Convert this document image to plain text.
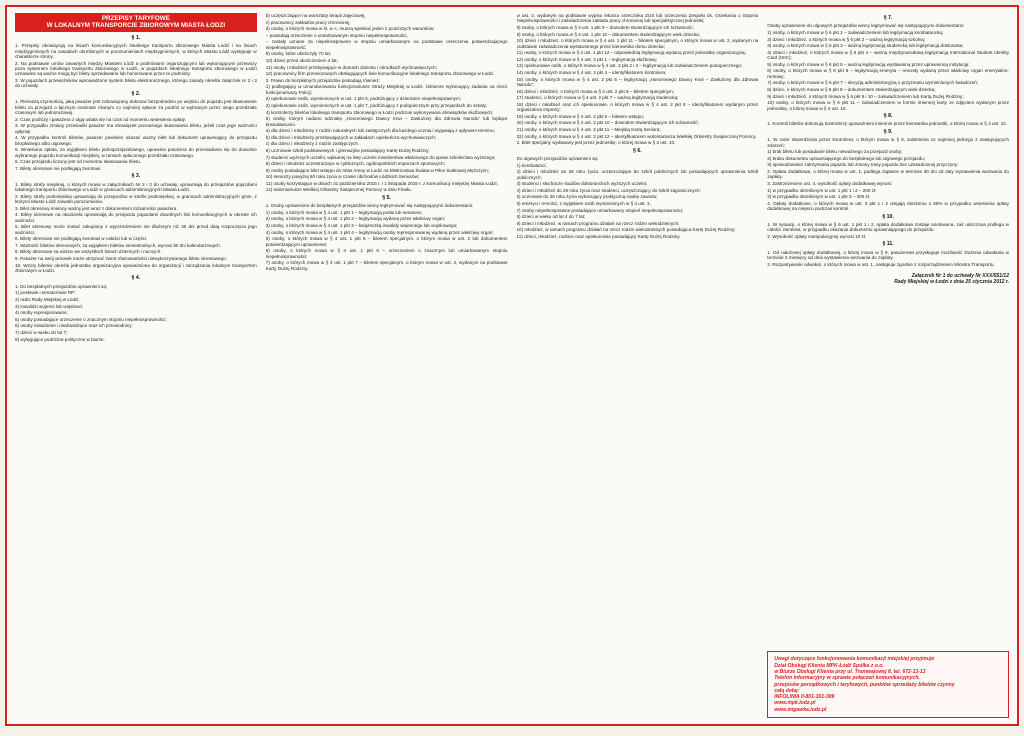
PRZEPISY TARYFOWE
W LOKALNYM TRANSPORCIE ZBIOROWYM MIASTA ŁODZI
§ 1.
1. Przepisy obowiązują na liniach komunikacyjnych lokalnego transportu zbiorowego Miasta Łodzi i na liniach międzygminnych na zasadach określonych w porozumieniach międzygminnych, w których Miasto Łódź występuje w charakterze strony.
2. Na podstawie umów zawartych między Miastem Łódź a podmiotami organizującymi lub wykonującymi przewozy poza systemem lokalnego transportu zbiorowego w Łodzi, w pojazdach lokalnego transportu zbiorowego w Łodzi uznawane są ważne mogą być bilety sprzedawane lub honorowane przez te podmioty.
3. W pojazdach przewoźników wprowadzono system biletu elektronicznego, którego zasady określa załącznik nr 2 i 3 do uchwały.
§ 2.
1. Pierwszą czynnością, jaką pasażer jest zobowiązany dokonać bezpośrednio po wejściu do pojazdu jest skasowanie biletu za przejazd o łącznym nominale równym co najmniej opłacie za podróż w wybranym przez niego przedziale czasowym lub jednorazowej.
2. Czas podróży i pasażera z ulgą ustala się na czas od momentu wniesienia opłaty.
3. W przypadku zmiany przesiadki pasażer ma obowiązek ponownego skasowania biletu, jeżeli czas jego ważności upłynął.
4. W przypadku kontroli biletów, pasażer powinien okazać ważny bilet lub dokument uprawniający do przejazdu bezpłatnego albo ulgowego.
5. Wniesiona opłata, za wyjątkiem biletu jednoprzejazdowego, uprawnia pasażera do przesiadania się do dowolnie wybranego pojazdu komunikacji miejskiej, w ramach opłaconego przedziału czasowego.
6. Czas przejazdu liczony jest od momentu skasowania biletu.
7. Bilety okresowe nie podlegają zwrotowi.
§ 3.
1. Bilety strefy miejskiej, o których mowa w załącznikach Nr 2 i 3 do uchwały, uprawniają do przejazdów pojazdami lokalnego transportu zbiorowego w Łodzi w granicach administracyjnych Miasta Łodzi.
2. Bilety strefy podmiejskiej uprawniają do przejazdów w strefie podmiejskiej, w granicach administracyjnych gmin, z którymi Miasto Łódź zawarło porozumienia.
3. Bilet okresowy imienny ważny jest wraz z dokumentem tożsamości pasażera.
4. Bilety okresowe na okaziciela uprawniają do przejazdu pojazdami dowolnych linii komunikacyjnych w okresie ich ważności.
5. Bilet okresowy może zostać zakupiony z wyprzedzeniem nie dłuższym niż 30 dni przed datą rozpoczęcia jego ważności.
6. Bilety okresowe nie podlegają zwrotowi w całości lub w części.
7. Ważność biletów okresowych, za wyjątkiem biletów semestralnych, wynosi 30 dni kalendarzowych.
8. Bilety okresowe są ważne we wszystkich liniach dziennych i nocnych.
9. Pasażer na swój wniosek może otrzymać zwrot równowartości niewykorzystanego biletu okresowego.
10. Wzory biletów określa jednostka organizacyjna upoważniona do organizacji i zarządzania lokalnym transportem zbiorowym w Łodzi.
§ 4.
1. Do bezpłatnych przejazdów uprawnieni są:
1) posłowie i senatorowie RP;
2) radni Rady Miejskiej w Łodzi;
3) inwalidzi wojenni lub wojskowi;
4) osoby represjonowane;
5) osoby posiadające orzeczenie o znacznym stopniu niepełnosprawności;
6) osoby niewidome i niedowidzące oraz ich przewodnicy;
7) dzieci w wieku do lat 7;
8) wylęgujące podróżne polityczne w biurze.
b) uczęszczające na warsztaty terapii zajęciowej,
c) pracownicy zakładów pracy chronionej,
d) osoby, o których mowa w lit. a–c, muszą spełniać jeden z poniższych warunków:
– posiadają orzeczenie o umiarkowanym stopniu niepełnosprawności,
– zostały uznane za niepełnosprawne w stopniu umiarkowanym na podstawie orzeczenia potwierdzającego niepełnosprawność;
9) osoby, które ukończyły 70 lat;
10) dzieci przed ukończeniem 4 lat;
11) osoby i młodzież przebywające w domach dziecka i ośrodkach wychowawczych;
12) pracownicy firm przewozowych obsługujących linie komunikacyjne lokalnego transportu zbiorowego w Łodzi.
2. Prawo do bezpłatnych przejazdów posiadają również:
1) podlegający w umundurowaniu funkcjonariusze Straży Miejskiej w Łodzi, żołnierze wykonujący zadania na rzecz funkcjonariuszy Policji;
2) opiekunowie osób, wymienionych w ust. 1 pkt 5, podróżujący z dzieckiem niepełnosprawnym;
3) opiekunowie osób, wymienionych w ust. 1 pkt 7, podróżujący z podopiecznym przy przejazdach do szkoły;
4) kontrolerzy biletów lokalnego transportu zbiorowego w Łodzi podczas wykonywania obowiązków służbowych;
5) osoby, którym nadano odznakę „Honorowego Dawcy Krwi – Zasłużony dla Zdrowia Narodu” lub będące krwiodawcami.
a) dla dzieci i młodzieży z rodzin naturalnych lub zastępczych dla każdego ucznia i wygasają z upływem terminu;
b) dla dzieci i młodzieży przebywających w zakładach opiekuńczo-wychowawczych;
c) dla dzieci i młodzieży z rodzin zastępczych.
6) uczniowie szkół podstawowych i gimnazjów posiadający Kartę Dużej Rodziny;
7) studenci wyższych uczelni, wpisanej na listę uczelni ministerstwa właściwego do spraw szkolnictwa wyższego;
8) dzieci i młodzież uczestniczące w cyklicznych, ogólnopolskich imprezach sportowych;
9) osoby posiadające bilet wstępu do Atlas Areny w Łodzi na Mistrzostwa Świata w Piłce Siatkowej Mężczyzn;
10) seniorzy powyżej 60 roku życia w czasie obchodów Łódzkich Seniorów;
11) osoby korzystające w dniach 31 października 2015 r. i 1 listopada 2015 r. z komunikacji miejskiej Miasta Łodzi;
12) wolontariusze Wielkiej Orkiestry Świątecznej Pomocy w dniu Finału.
§ 5.
1. Osoby uprawnione do bezpłatnych przejazdów winny legitymować się następującymi dokumentami:
1) osoby, o których mowa w § 4 ust. 1 pkt 1 – legitymacją posła lub senatora;
2) osoby, o których mowa w § 4 ust. 1 pkt 2 – legitymacją wydaną przez właściwy organ;
3) osoby, o których mowa w § 4 ust. 1 pkt 3 – książeczką inwalidy wojennego lub wojskowego;
4) osoby, o których mowa w § 4 ust. 1 pkt 4 – legitymacją osoby represjonowanej wydaną przez właściwy organ;
5) osoby, o których mowa w § 4 ust. 1 pkt 5 – biletem specjalnym, o którym mowa w ust. 2 lub dokumentem potwierdzającym uprawnienie;
6) osoby, o których mowa w § 4 ust. 1 pkt 6 – orzeczeniem o znacznym lub umiarkowanym stopniu niepełnosprawności;
7) osoby, o których mowa w § 4 ust. 1 pkt 7 – biletem specjalnym, o którym mowa w ust. 2, wydanym na podstawie Karty Dużej Rodziny.
w ust. 2, wydanym na podstawie wypisu lekarza orzecznika ZUS lub orzeczenia Zespołu ds. Orzekania o Stopniu Niepełnosprawności i zaświadczenia zakładu pracy chronionej lub specjalistycznej jednostki;
8) osoby, o których mowa w § 4 ust. 1 pkt 9 – dowodem stwierdzającym ich tożsamość;
9) osoby, o których mowa w § 4 ust. 1 pkt 10 – dokumentem stwierdzającym wiek dziecka;
10) dzieci i młodzież, o których mowa w § 4 ust. 1 pkt 11 – biletem specjalnym, o którym mowa w ust. 2, wydanym na podstawie zaświadczenia wystawionego przez kierownika domu dziecka;
11) osoby, o których mowa w § 4 ust. 1 pkt 12 – odpowiednią legitymacją wydaną przez jednostkę organizacyjną;
12) osoby, o których mowa w § 4 ust. 2 pkt 1 – legitymacją służbową;
13) opiekunowie osób, o których mowa w § 4 ust. 2 pkt 2 i 3 – legitymacją lub zaświadczeniem podopiecznego;
14) osoby, o których mowa w § 4 ust. 2 pkt 4 – identyfikatorem kontrolera;
15) osoby, o których mowa w § 4 ust. 2 pkt 5 – legitymacją „Honorowego Dawcy Krwi – Zasłużony dla Zdrowia Narodu”;
16) dzieci i młodzież, o których mowa w § 4 ust. 2 pkt 6 – biletem specjalnym;
17) studenci, o których mowa w § 4 ust. 2 pkt 7 – ważną legitymacją studencką;
18) dzieci i młodzież oraz ich opiekunowie, o których mowa w § 4 ust. 2 pkt 8 – identyfikatorem wydanym przez organizatora imprezy;
19) osoby, o których mowa w § 4 ust. 2 pkt 9 – biletem wstępu;
20) osoby, o których mowa w § 4 ust. 2 pkt 10 – dowodem stwierdzającym ich tożsamość;
21) osoby, o których mowa w § 4 ust. 2 pkt 11 – Miejską Kartą Seniora;
22) osoby, o których mowa w § 4 ust. 2 pkt 12 – identyfikatorem wolontariusza Wielkiej Orkiestry Świątecznej Pomocy.
2. Bilet specjalny wydawany jest przez jednostkę, o której mowa w § 3 ust. 10.
§ 6.
Do ulgowych przejazdów uprawnieni są:
1) kombatanci;
2) dzieci i młodzież do 26 roku życia, uczęszczające do szkół publicznych lub posiadających uprawnienia szkół publicznych;
3) studenci i słuchacze studiów doktoranckich wyższych uczelni;
4) dzieci i młodzież do 26 roku życia oraz studenci, uczęszczający do szkół zagranicznych;
5) uczniowie do 26 roku życia wykonujący praktyczną naukę zawodu;
6) emeryci i renciści, z wyjątkiem osób wymienionych w § 4 ust. 1;
7) osoby niepełnosprawne posiadające umiarkowany stopień niepełnosprawności;
8) dzieci w wieku od lat 4 do 7 lat;
9) dzieci i młodzież, w ramach programu działań na rzecz rodzin wielodzietnych;
10) młodzież, w ramach programu działań na rzecz rodzin wielodzietnych posiadająca Kartę Dużej Rodziny;
11) dzieci, młodzież, rodzice oraz opiekunowie posiadający Kartę Dużej Rodziny.
§ 7.
Osoby uprawnione do ulgowych przejazdów winny legitymować się następującymi dokumentami:
1) osoby, o których mowa w § 6 pkt 1 – zaświadczeniem lub legitymacją kombatancką;
2) dzieci i młodzież, o których mowa w § 6 pkt 2 – ważną legitymacją szkolną;
3) osoby, o których mowa w § 6 pkt 3 – ważną legitymacją studencką lub legitymacją doktoranta;
4) dzieci i młodzież, o których mowa w § 6 pkt 4 – ważną międzynarodową legitymacją International Student Identity Card (ISIC);
5) osoby, o których mowa w § 6 pkt 5 – ważną legitymacją wystawioną przez uprawnioną instytucję;
6) osoby, o których mowa w § 6 pkt 6 – legitymacją emeryta – rencisty wydaną przez właściwy organ emerytalno-rentowy;
7) osoby, o których mowa w § 6 pkt 7 – decyzją administracyjną o przyznaniu wymienionych świadczeń;
8) dzieci, o których mowa w § 6 pkt 8 – dokumentem stwierdzającym wiek dziecka;
9) dzieci i młodzież, o których mowa w § 6 pkt 9 i 10 – zaświadczeniem lub Kartą Dużej Rodziny;
10) osoby, o których mowa w § 6 pkt 11 – zaświadczeniem w formie imiennej karty ze zdjęciem wydanym przez jednostkę, o której mowa w § 3 ust. 10.
§ 8.
1. Kontroli biletów dokonują kontrolerzy upoważnieni imiennie przez kierownika jednostki, o której mowa w § 3 ust. 10.
§ 9.
1. W razie stwierdzenia przez kontrolera, o którym mowa w § 8, zaistnienia co najmniej jednego z następujących zdarzeń:
1) brak biletu lub posiadanie biletu nieważnego za przejazd osoby;
2) braku dokumentu uprawniającego do bezpłatnego lub ulgowego przejazdu;
3) spowodowanie zatrzymania pojazdu lub zmiany trasy pojazdu bez uzasadnionej przyczyny;
2. Opłata dodatkowa, o której mowa w ust. 1, podlega zapłacie w terminie 30 dni od daty wystawienia wezwania do zapłaty.
3. Zastrzeżeniem ust. 4, wysokość opłaty dodatkowej wynosi:
1) w przypadku określonym w ust. 1 pkt 1 i 2 – 200 zł;
2) w przypadku określonym w ust. 1 pkt 3 – 300 zł.
4. Opłaty dodatkowe, o których mowa w ust. 3 pkt 1 i 2 ulegają obniżeniu o 65% w przypadku wniesienia opłaty dodatkowej na miejscu podczas kontroli.
§ 10.
1. W sytuacji, o której mowa w § 9 ust. 1 pkt 1 i 2, opłata dodatkowa zostaje anulowana, zaś uiszczona podlega w całości zwrotowi, w przypadku okazania dokumentu uprawniającego do przejazdu.
2. Wysokość opłaty manipulacyjnej wynosi 10 zł.
§ 11.
1. Od nałożonej opłaty dodatkowej, o której mowa w § 9, pasażerowi przysługuje możliwość złożenia odwołania w terminie 3 miesięcy od dnia wystawienia wezwania do zapłaty.
2. Rozpatrywanie odwołań, o których mowa w ust. 1, następuje zgodnie z rozporządzeniem Ministra Transportu.
Załącznik Nr 1 do uchwały Nr XXX/551/12
Rady Miejskiej w Łodzi z dnia 25 stycznia 2012 r.
Uwagi dotyczące funkcjonowania komunikacji miejskiej przyjmuje
Dział Obsługi Klienta MPK-Łódź Spółka z o.o.
w Biurze Obsługi Klienta przy ul. Tramwajowej 6, tel. 672-13-13
Telefon informacyjny w sprawie połączeń komunikacyjnych,
przepisów porządkowych i taryfowych, punktów sprzedaży biletów czynny
całą dobę:
INFOLINIA 0-801-301-309
www.mpk.lodz.pl
www.migawka.lodz.pl
